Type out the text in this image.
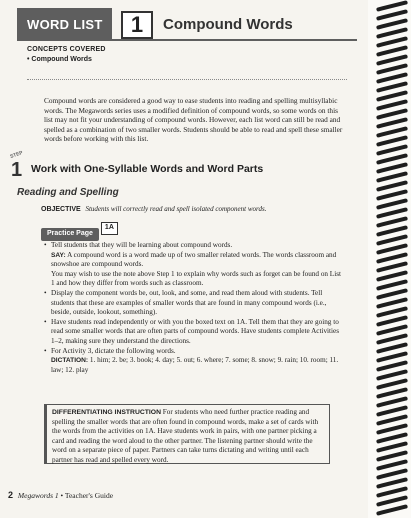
WORD LIST	1	Compound Words
CONCEPTS COVERED
• Compound Words

Compound words are considered a good way to ease students into reading and spelling multisyllabic words. The Megawords series uses a modified definition of compound words, so some words on this list may not fit your understanding of compound words. However, each list word can still be read and spelled as a combination of two smaller words. Students should be able to read and spell these smaller words before working with this list.

STEP
1 Work with One-Syllable Words and Word Parts
Reading and Spelling
OBJECTIVE Students will correctly read and spell isolated component words.
Practice Page1A
• Tell students that they will be learning about compound words.
SAY: A compound word is a word made up of two smaller related words. The words classroom and snowshoe are compound words.
You may wish to use the note above Step 1 to explain why words such as forget can be found on List 1 and how they differ from words such as classroom.
• Display the component words be, out, look, and some, and read them aloud with students. Tell students that these are examples of smaller words that are found in many compound words (i.e., beside, outside, lookout, something).
• Have students read independently or with you the boxed text on 1A. Tell them that they are going to read some smaller words that are often parts of compound words. Have students complete Activities 1–2, making sure they understand the directions.
• For Activity 3, dictate the following words.
DICTATION: 1. him; 2. be; 3. book; 4. day; 5. out; 6. where; 7. some; 8. snow; 9. rain; 10. room; 11. law; 12. play
DIFFERENTIATING INSTRUCTION For students who need further practice reading and spelling the smaller words that are often found in compound words, make a set of cards with the words from the activities on 1A. Have students work in pairs, with one partner picking a card and reading the word aloud to the other partner. The listening partner should write the word on a separate piece of paper. Partners can take turns dictating and writing until each partner has read and spelled every word.
2 Megawords 1 • Teacher's Guide
